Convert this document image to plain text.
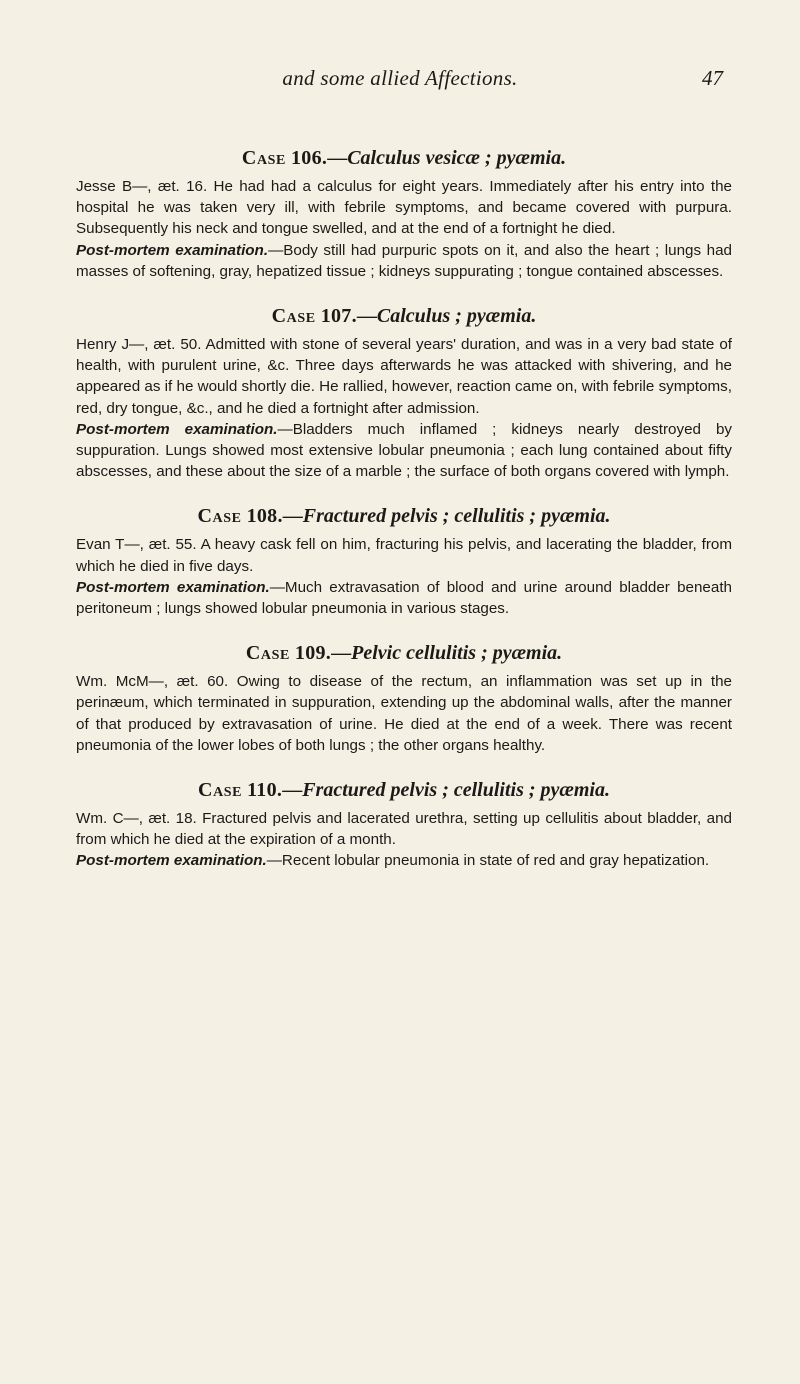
and some allied Affections.	47
Case 106.—Calculus vesicæ ; pyæmia.

Jesse B—, æt. 16. He had had a calculus for eight years. Immediately after his entry into the hospital he was taken very ill, with febrile symptoms, and became covered with purpura. Subsequently his neck and tongue swelled, and at the end of a fortnight he died.

Post-mortem examination.—Body still had purpuric spots on it, and also the heart ; lungs had masses of softening, gray, hepatized tissue ; kidneys suppurating ; tongue contained abscesses.

Case 107.—Calculus ; pyæmia.

Henry J—, æt. 50. Admitted with stone of several years' duration, and was in a very bad state of health, with purulent urine, &c. Three days afterwards he was attacked with shivering, and he appeared as if he would shortly die. He rallied, however, reaction came on, with febrile symptoms, red, dry tongue, &c., and he died a fortnight after admission.

Post-mortem examination.—Bladders much inflamed ; kidneys nearly destroyed by suppuration. Lungs showed most extensive lobular pneumonia ; each lung contained about fifty abscesses, and these about the size of a marble ; the surface of both organs covered with lymph.

Case 108.—Fractured pelvis ; cellulitis ; pyæmia.

Evan T—, æt. 55. A heavy cask fell on him, fracturing his pelvis, and lacerating the bladder, from which he died in five days.

Post-mortem examination.—Much extravasation of blood and urine around bladder beneath peritoneum ; lungs showed lobular pneumonia in various stages.

Case 109.—Pelvic cellulitis ; pyæmia.

Wm. McM—, æt. 60. Owing to disease of the rectum, an inflammation was set up in the perinæum, which terminated in suppuration, extending up the abdominal walls, after the manner of that produced by extravasation of urine. He died at the end of a week. There was recent pneumonia of the lower lobes of both lungs ; the other organs healthy.

Case 110.—Fractured pelvis ; cellulitis ; pyæmia.

Wm. C—, æt. 18. Fractured pelvis and lacerated urethra, setting up cellulitis about bladder, and from which he died at the expiration of a month.

Post-mortem examination.—Recent lobular pneumonia in state of red and gray hepatization.
